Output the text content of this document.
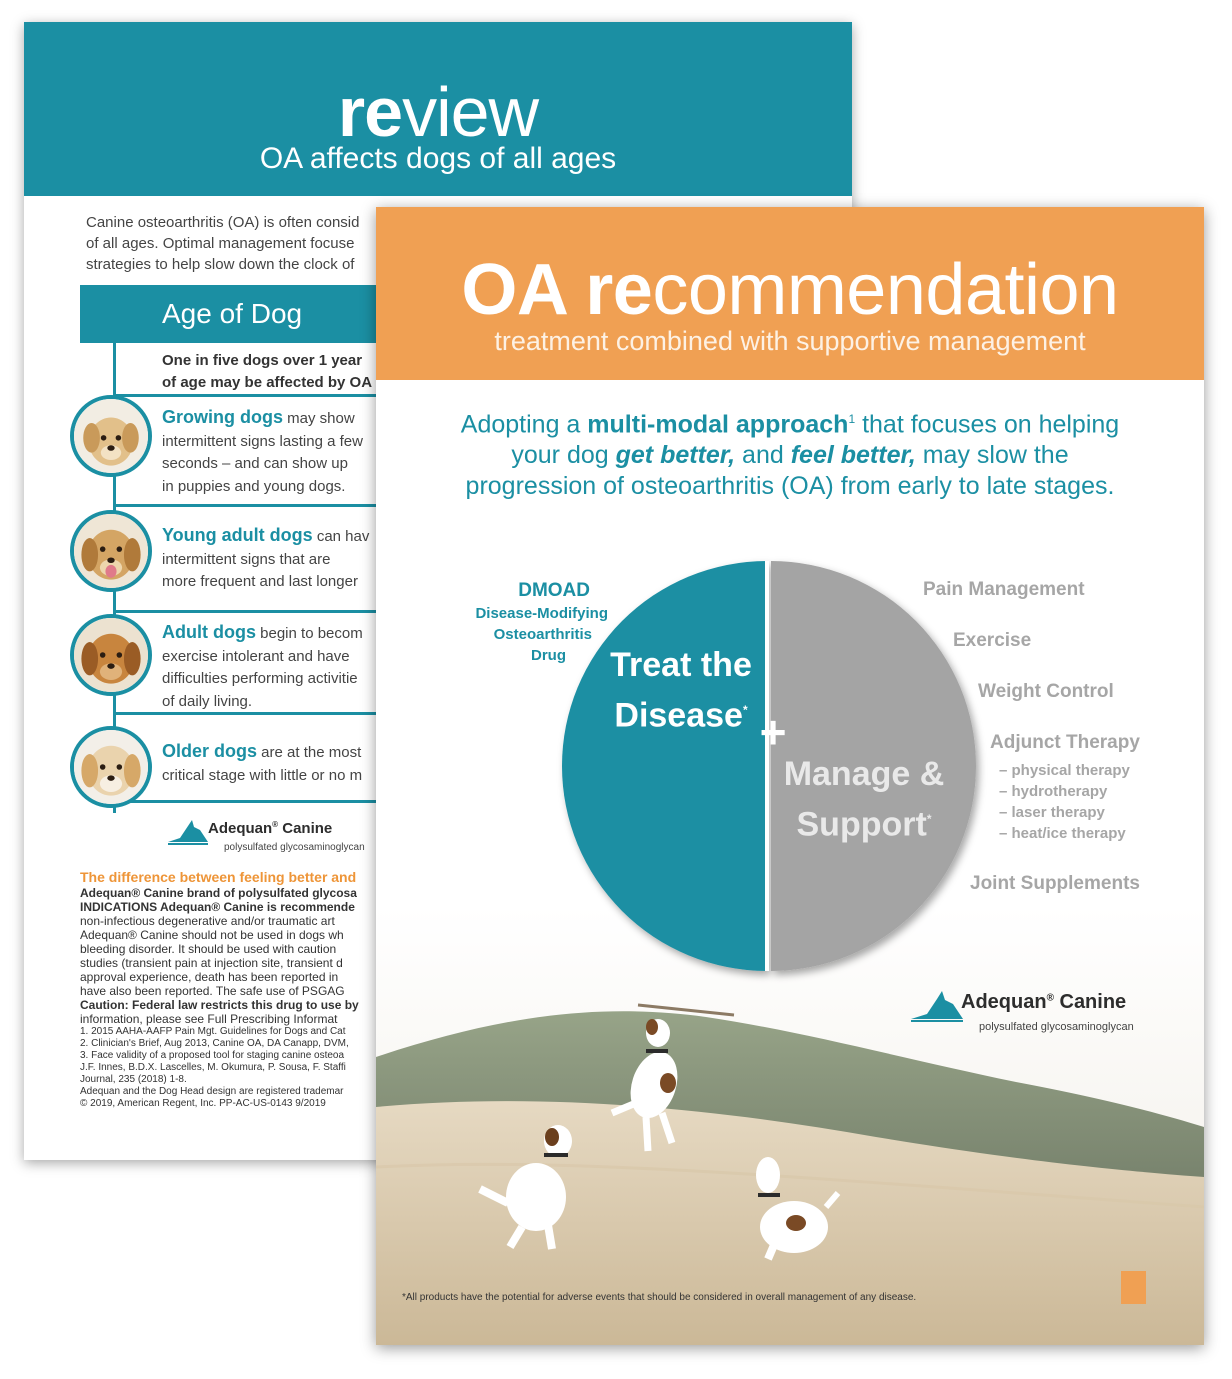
review
OA affects dogs of all ages
Canine osteoarthritis (OA) is often consid
of all ages. Optimal management focuse
strategies to help slow down the clock of
Age of Dog
One in five dogs over 1 year
of age may be affected by OA
Growing dogs may show
intermittent signs lasting a few
seconds – and can show up
in puppies and young dogs.
Young adult dogs can hav
intermittent signs that are
more frequent and last longer
Adult dogs begin to becom
exercise intolerant and have
difficulties performing activitie
of daily living.
Older dogs are at the most
critical stage with little or no m
Adequan® Canine
polysulfated glycosaminoglycan
The difference between feeling better and
Adequan® Canine brand of polysulfated glycosa
INDICATIONS Adequan® Canine is recommende
non-infectious degenerative and/or traumatic art
Adequan® Canine should not be used in dogs wh
bleeding disorder. It should be used with caution
studies (transient pain at injection site, transient d
approval experience, death has been reported in
have also been reported. The safe use of PSGAG
Caution: Federal law restricts this drug to use by
information, please see Full Prescribing Informat
1. 2015 AAHA-AAFP Pain Mgt. Guidelines for Dogs and Cat
2. Clinician's Brief, Aug 2013, Canine OA, DA Canapp, DVM,
3. Face validity of a proposed tool for staging canine osteoa
J.F. Innes, B.D.X. Lascelles, M. Okumura, P. Sousa, F. Staffi
Journal, 235 (2018) 1-8.
Adequan and the Dog Head design are registered trademar
© 2019, American Regent, Inc. PP-AC-US-0143 9/2019
OA recommendation
treatment combined with supportive management
Adopting a multi-modal approach$^1$ that focuses on helping
your dog get better, and feel better, may slow the
progression of osteoarthritis (OA) from early to late stages.
Treat the
Disease* +
Manage &
Support*
DMOAD
Disease-Modifying
Osteoarthritis
Drug
Pain Management
Exercise
Weight Control
Adjunct Therapy
– physical therapy
– hydrotherapy
– laser therapy
– heat/ice therapy
Joint Supplements
Adequan® Canine
polysulfated glycosaminoglycan
*All products have the potential for adverse events that should be considered in overall management of any disease.
